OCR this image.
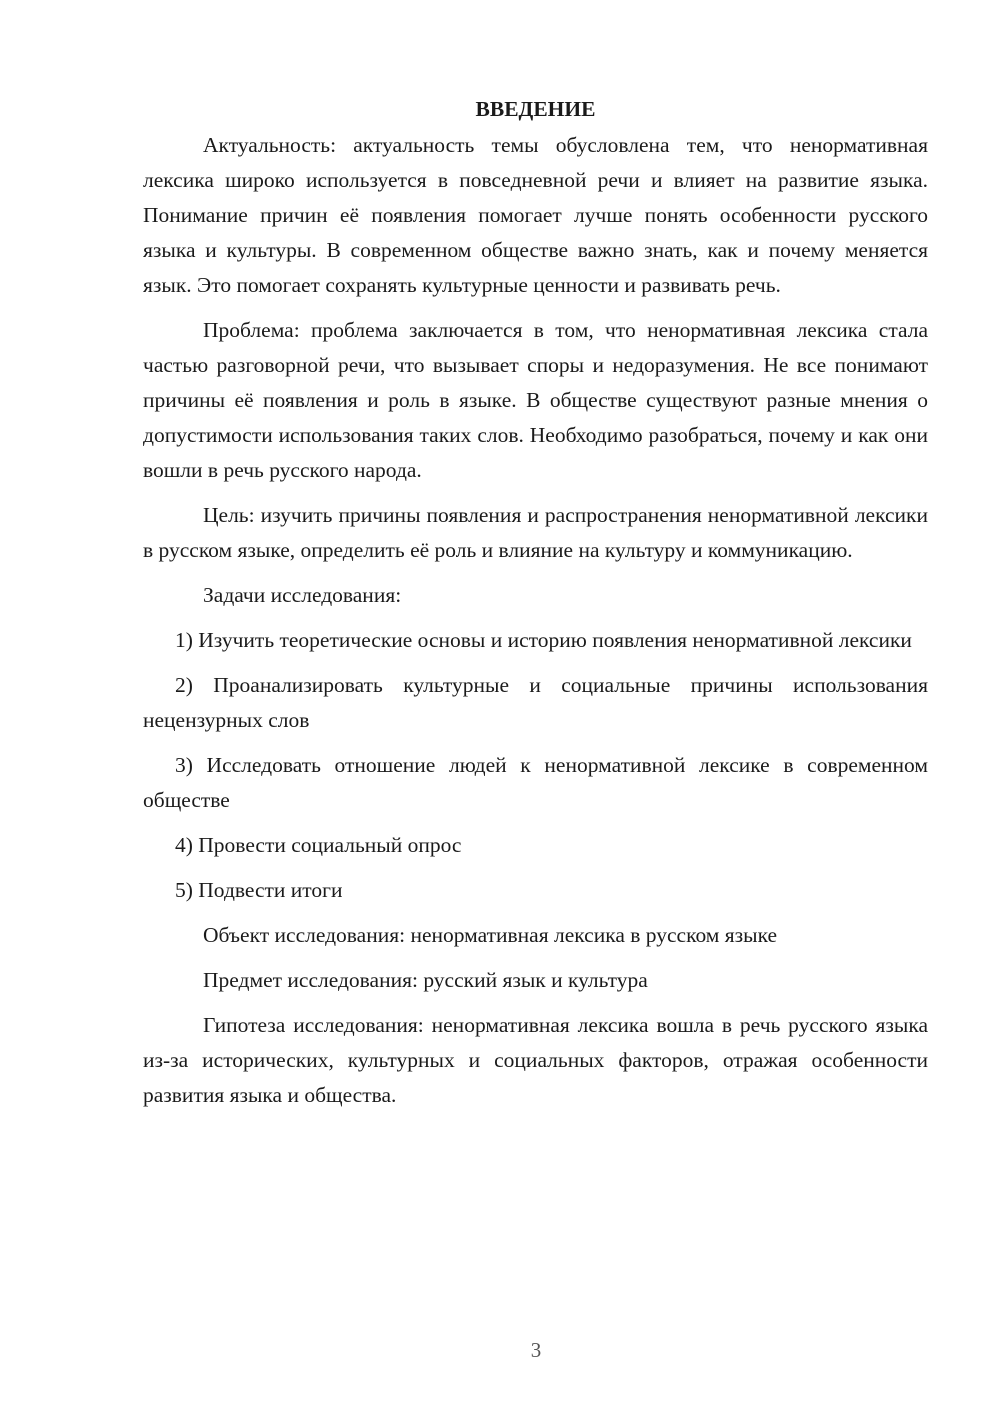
ВВЕДЕНИЕ

Актуальность: актуальность темы обусловлена тем, что ненормативная лексика широко используется в повседневной речи и влияет на развитие языка. Понимание причин её появления помогает лучше понять особенности русского языка и культуры. В современном обществе важно знать, как и почему меняется язык. Это помогает сохранять культурные ценности и развивать речь.

Проблема: проблема заключается в том, что ненормативная лексика стала частью разговорной речи, что вызывает споры и недоразумения. Не все понимают причины её появления и роль в языке. В обществе существуют разные мнения о допустимости использования таких слов. Необходимо разобраться, почему и как они вошли в речь русского народа.

Цель: изучить причины появления и распространения ненормативной лексики в русском языке, определить её роль и влияние на культуру и коммуникацию.

Задачи исследования:

1) Изучить теоретические основы и историю появления ненормативной лексики

2) Проанализировать культурные и социальные причины использования нецензурных слов

3) Исследовать отношение людей к ненормативной лексике в современном обществе

4) Провести социальный опрос

5) Подвести итоги

Объект исследования: ненормативная лексика в русском языке

Предмет исследования: русский язык и культура

Гипотеза исследования: ненормативная лексика вошла в речь русского языка из-за исторических, культурных и социальных факторов, отражая особенности развития языка и общества.

3
